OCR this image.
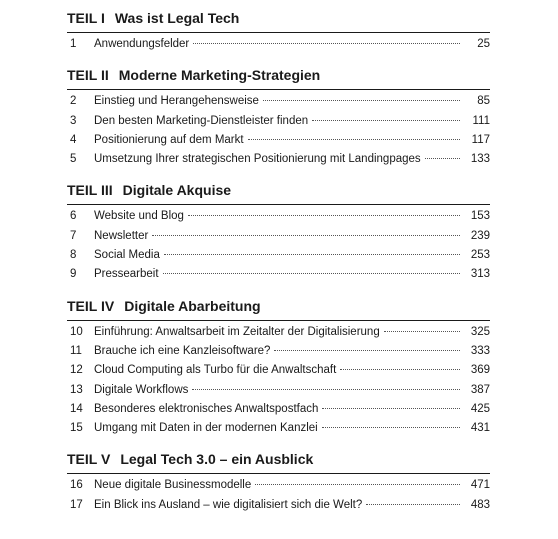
TEIL I Was ist Legal Tech
1	Anwendungsfelder	25
TEIL II Moderne Marketing-Strategien
2	Einstieg und Herangehensweise	85
3	Den besten Marketing-Dienstleister finden	111
4	Positionierung auf dem Markt	117
5	Umsetzung Ihrer strategischen Positionierung mit Landingpages	133
TEIL III Digitale Akquise
6	Website und Blog	153
7	Newsletter	239
8	Social Media	253
9	Pressearbeit	313
TEIL IV Digitale Abarbeitung
10 Einführung: Anwaltsarbeit im Zeitalter der Digitalisierung	325
11	Brauche ich eine Kanzleisoftware?	333
12 Cloud Computing als Turbo für die Anwaltschaft	369
13 Digitale Workflows	387
14 Besonderes elektronisches Anwaltspostfach	425
15 Umgang mit Daten in der modernen Kanzlei	431
TEIL V Legal Tech 3.0 – ein Ausblick
16 Neue digitale Businessmodelle	471
17 Ein Blick ins Ausland – wie digitalisiert sich die Welt?	483
